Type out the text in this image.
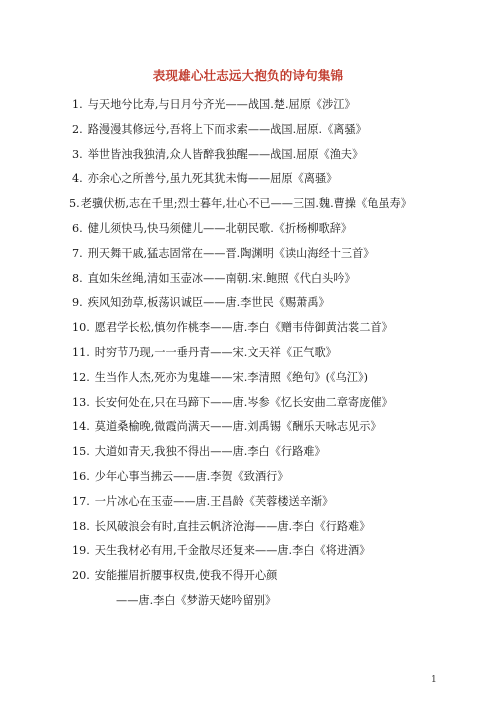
表现雄心壮志远大抱负的诗句集锦
1. 与天地兮比寿,与日月兮齐光——战国.楚.屈原《涉江》
2. 路漫漫其修远兮,吾将上下而求索——战国.屈原.《离骚》
3. 举世皆浊我独清,众人皆醉我独醒——战国.屈原《渔夫》
4. 亦余心之所善兮,虽九死其犹未悔——屈原《离骚》
5.老骥伏枥,志在千里;烈士暮年,壮心不已——三国.魏.曹操《龟虽寿》
6. 健儿须快马,快马须健儿——北朝民歌.《折杨柳歌辞》
7. 刑天舞干戚,猛志固常在——晋.陶渊明《读山海经十三首》
8. 直如朱丝绳,清如玉壶冰——南朝.宋.鲍照《代白头吟》
9. 疾风知劲草,板荡识诚臣——唐.李世民《赐萧禹》
10. 愿君学长松,慎勿作桃李——唐.李白《赠韦侍御黄沽裳二首》
11. 时穷节乃现,一一垂丹青——宋.文天祥《正气歌》
12. 生当作人杰,死亦为鬼雄——宋.李清照《绝句》(《乌江》)
13. 长安何处在,只在马蹄下——唐.岑参《忆长安曲二章寄庞催》
14. 莫道桑榆晚,微霞尚满天——唐.刘禹锡《酬乐天咏志见示》
15. 大道如青天,我独不得出——唐.李白《行路难》
16. 少年心事当拂云——唐.李贺《致酒行》
17. 一片冰心在玉壶——唐.王昌龄《芙蓉楼送辛渐》
18. 长风破浪会有时,直挂云帆济沧海——唐.李白《行路难》
19. 天生我材必有用,千金散尽还复来——唐.李白《将进酒》
20. 安能摧眉折腰事权贵,使我不得开心颜
——唐.李白《梦游天姥吟留别》
1
